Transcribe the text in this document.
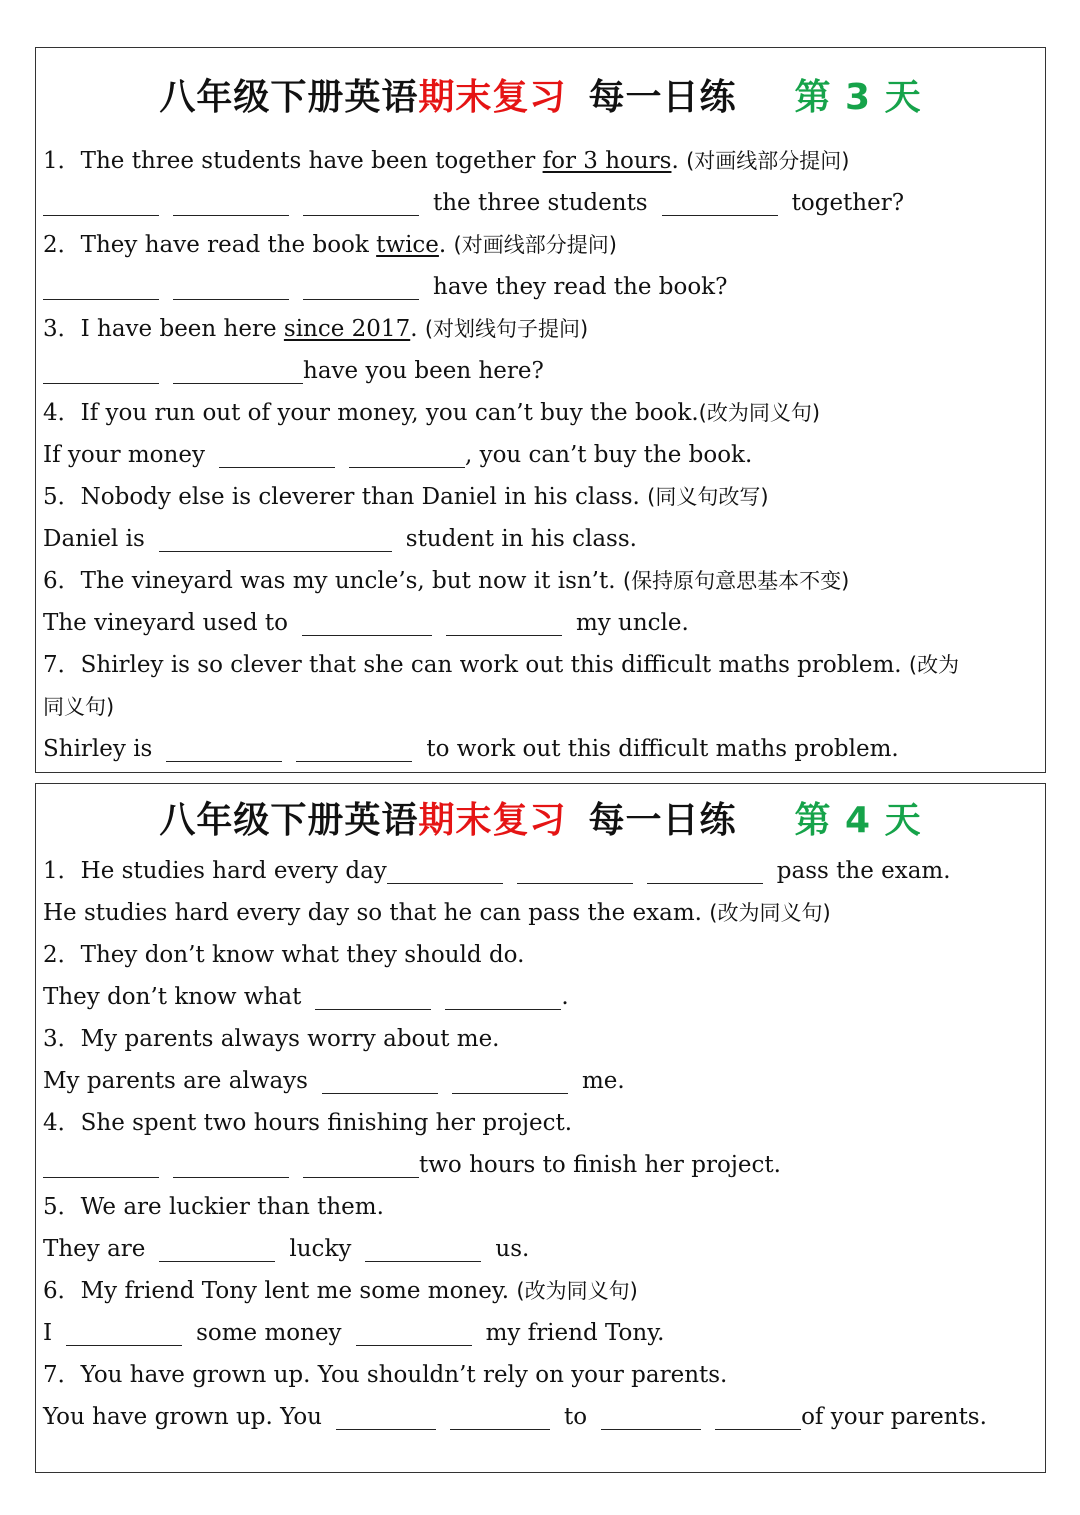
八年级下册英语 期末复习 每一日练 第 3 天
1．The three students have been together for 3 hours. (对画线部分提问)
the three students	together?
2．They have read the book twice. (对画线部分提问)
have they read the book?
3．I have been here since 2017. (对划线句子提问)
have you been here?
4．If you run out of your money, you can’t buy the book.(改为同义句)
If your money	, you can’t buy the book.
5．Nobody else is cleverer than Daniel in his class. (同义句改写)
Daniel is	student in his class.
6．The vineyard was my uncle’s, but now it isn’t. (保持原句意思基本不变)
The vineyard used to	my uncle.
7．Shirley is so clever that she can work out this difficult maths problem. (改为
同义句)
Shirley is	to work out this difficult maths problem.
八年级下册英语 期末复习 每一日练 第 4 天
1．He studies hard every day	pass the exam.
He studies hard every day so that he can pass the exam. (改为同义句)
2．They don’t know what they should do.
They don’t know what	.
3．My parents always worry about me.
My parents are always	me.
4．She spent two hours finishing her project.
two hours to finish her project.
5．We are luckier than them.
They are	lucky	us.
6．My friend Tony lent me some money. (改为同义句)
I	some money	my friend Tony.
7．You have grown up. You shouldn’t rely on your parents.
You have grown up. You	to	of your parents.
